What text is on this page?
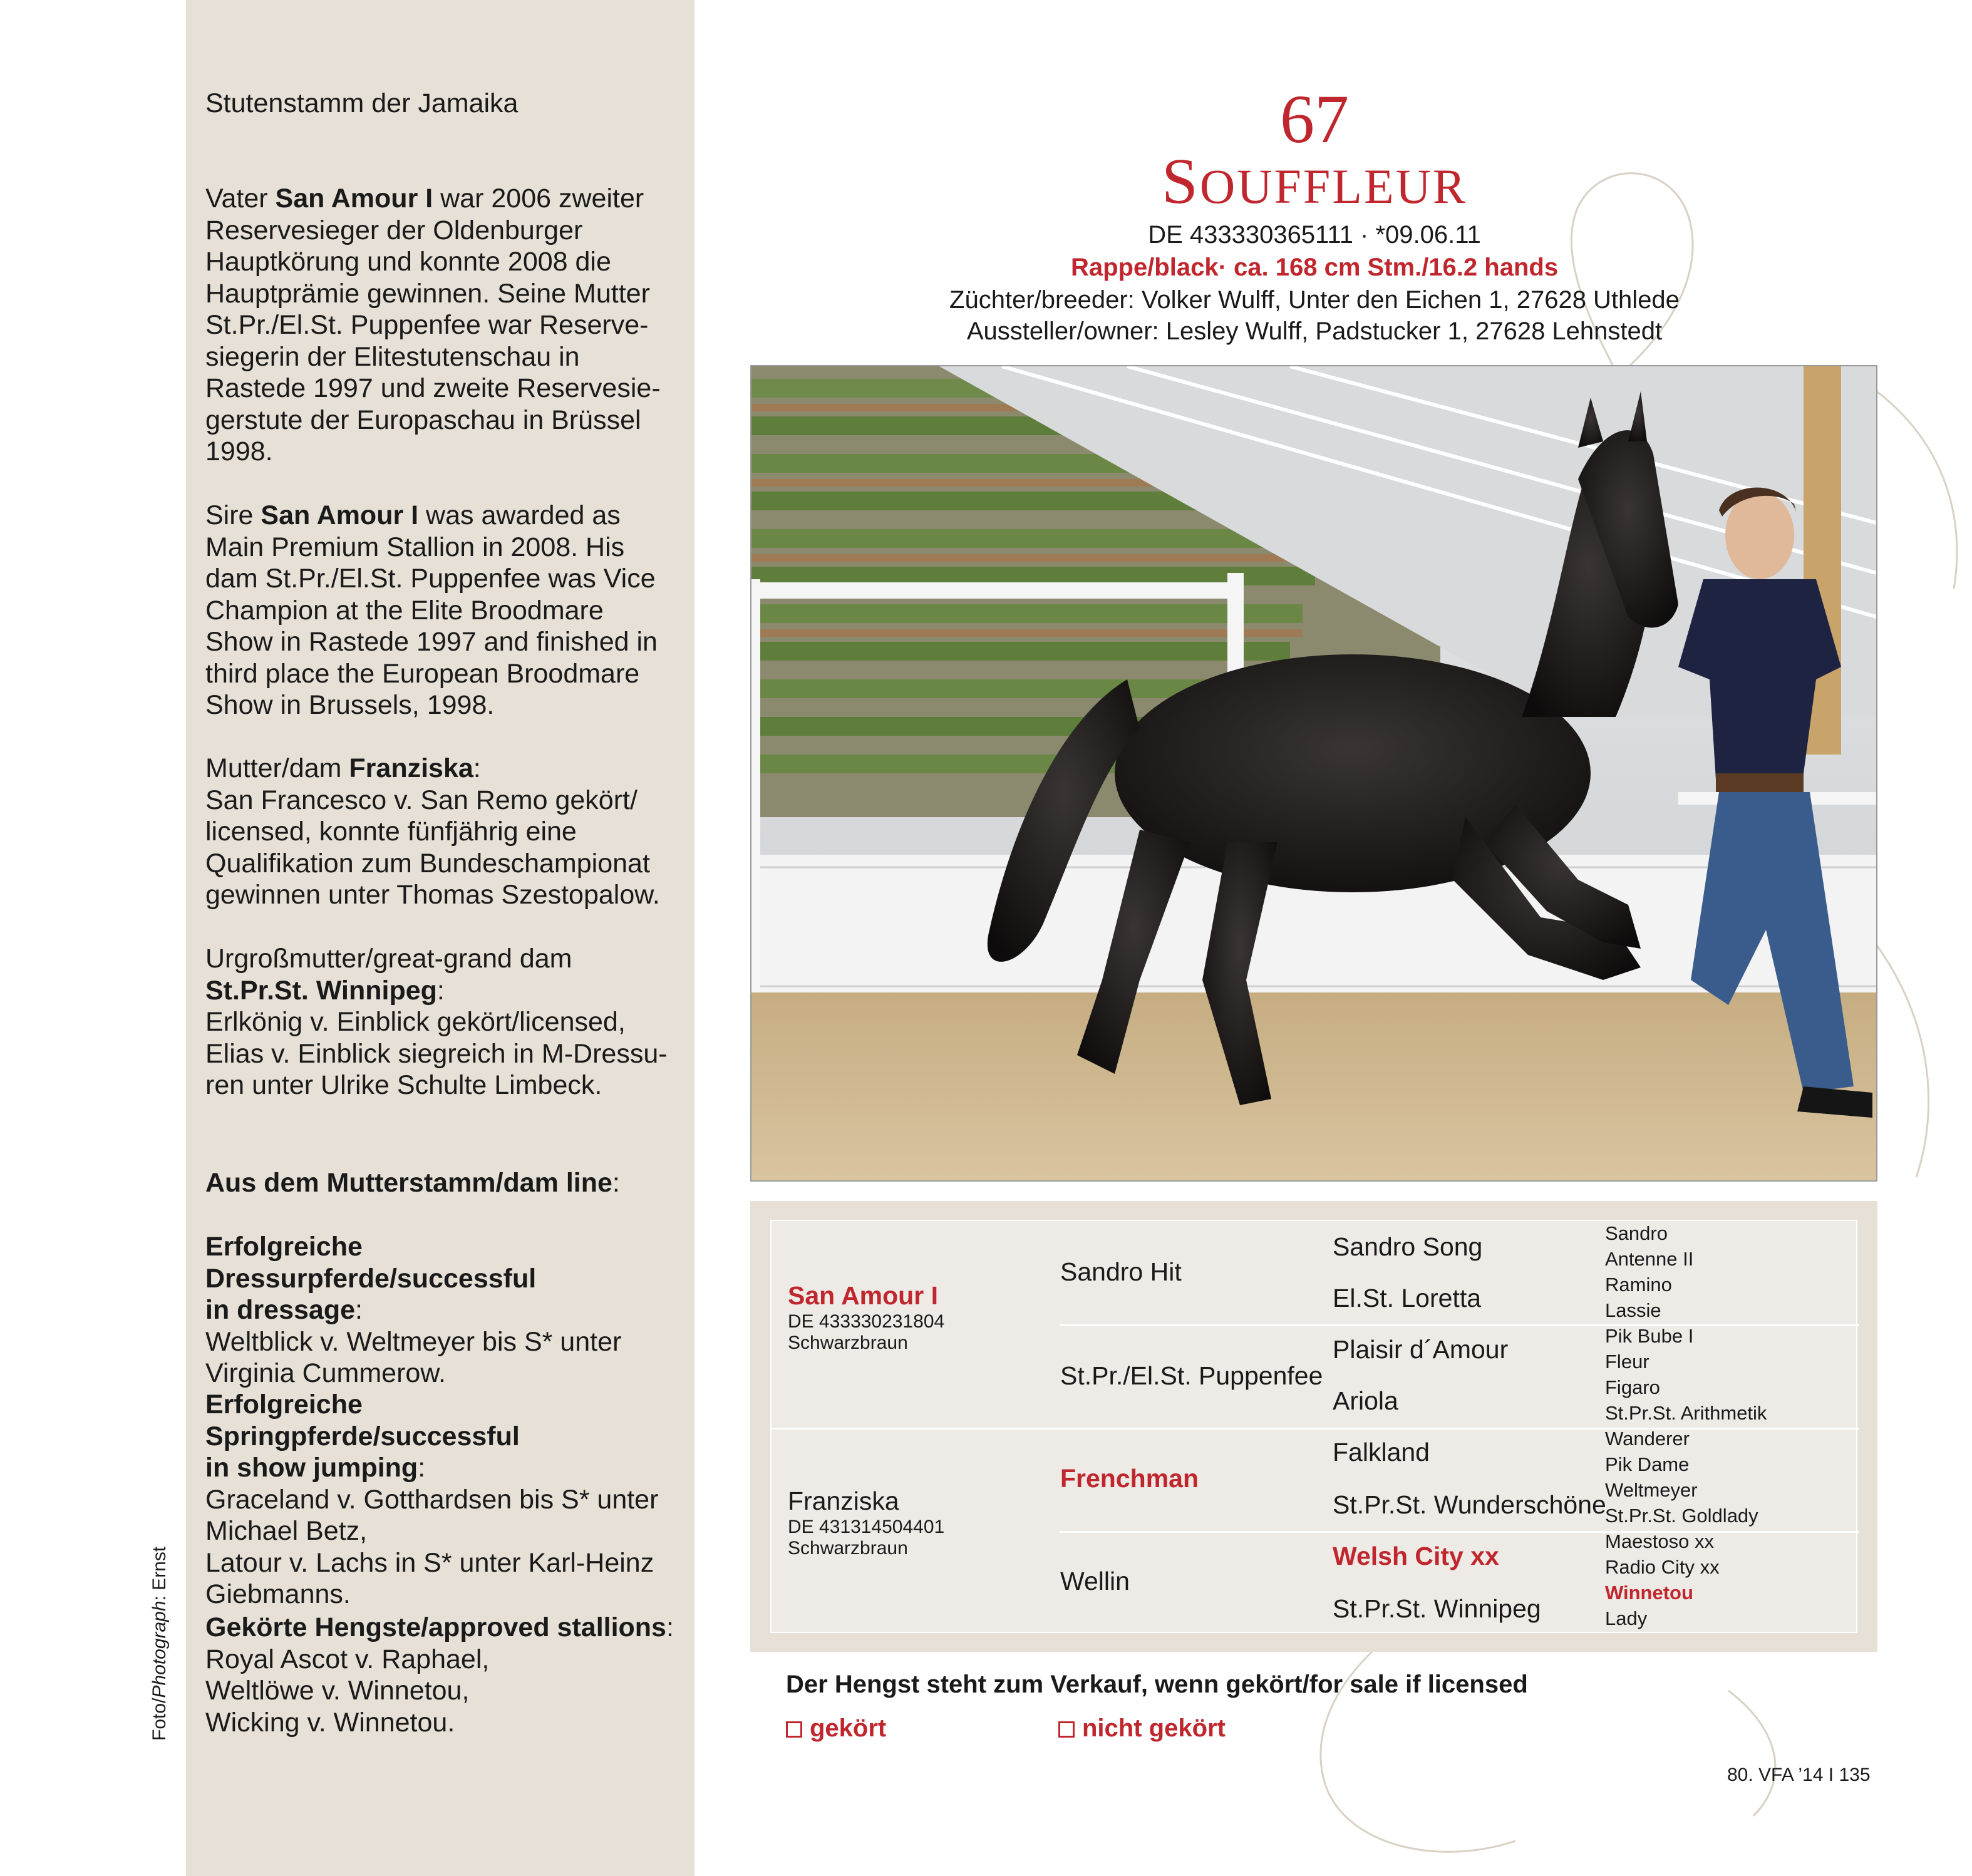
Stutenstamm der Jamaika

Vater San Amour I war 2006 zweiter

Reservesieger der Oldenburger

Hauptkörung und konnte 2008 die

Hauptprämie gewinnen. Seine Mutter

St.Pr./El.St. Puppenfee war Reserve-

siegerin der Elitestutenschau in

Rastede 1997 und zweite Reservesie-

gerstute der Europaschau in Brüssel

1998.

Sire San Amour I was awarded as

Main Premium Stallion in 2008. His

dam St.Pr./El.St. Puppenfee was Vice

Champion at the Elite Broodmare

Show in Rastede 1997 and finished in

third place the European Broodmare

Show in Brussels, 1998.

Mutter/dam Franziska:

San Francesco v. San Remo gekört/

licensed, konnte fünfjährig eine

Qualifikation zum Bundeschampionat

gewinnen unter Thomas Szestopalow.

Urgroßmutter/great-grand dam

St.Pr.St. Winnipeg:

Erlkönig v. Einblick gekört/licensed,

Elias v. Einblick siegreich in M-Dressu-

ren unter Ulrike Schulte Limbeck.

Aus dem Mutterstamm/dam line:

Erfolgreiche Dressurpferde/successful

in dressage:

Weltblick v. Weltmeyer bis S* unter

Virginia Cummerow.

Erfolgreiche Springpferde/successful

in show jumping:

Graceland v. Gotthardsen bis S* unter

Michael Betz,

Latour v. Lachs in S* unter Karl-Heinz

Giebmanns.

Gekörte Hengste/approved stallions:

Royal Ascot v. Raphael,

Weltlöwe v. Winnetou,

Wicking v. Winnetou.

Foto/Photograph: Ernst
67
SOUFFLEUR
DE 433330365111 · *09.06.11
Rappe/black· ca. 168 cm Stm./16.2 hands
Züchter/breeder: Volker Wulff, Unter den Eichen 1, 27628 Uthlede
Aussteller/owner: Lesley Wulff, Padstucker 1, 27628 Lehnstedt
San Amour I
DE 433330231804
Schwarzbraun
Franziska
DE 431314504401
Schwarzbraun
Sandro Hit
St.Pr./El.St. Puppenfee
Frenchman
Wellin
Sandro Song
El.St. Loretta
Plaisir d´Amour
Ariola
Falkland
St.Pr.St. Wunderschöne
Welsh City xx
St.Pr.St. Winnipeg
Sandro
Antenne II
Ramino
Lassie
Pik Bube I
Fleur
Figaro
St.Pr.St. Arithmetik
Wanderer
Pik Dame
Weltmeyer
St.Pr.St. Goldlady
Maestoso xx
Radio City xx
Winnetou
Lady
Der Hengst steht zum Verkauf, wenn gekört/for sale if licensed
gekört	nicht gekört
80. VFA ’14 I 135
